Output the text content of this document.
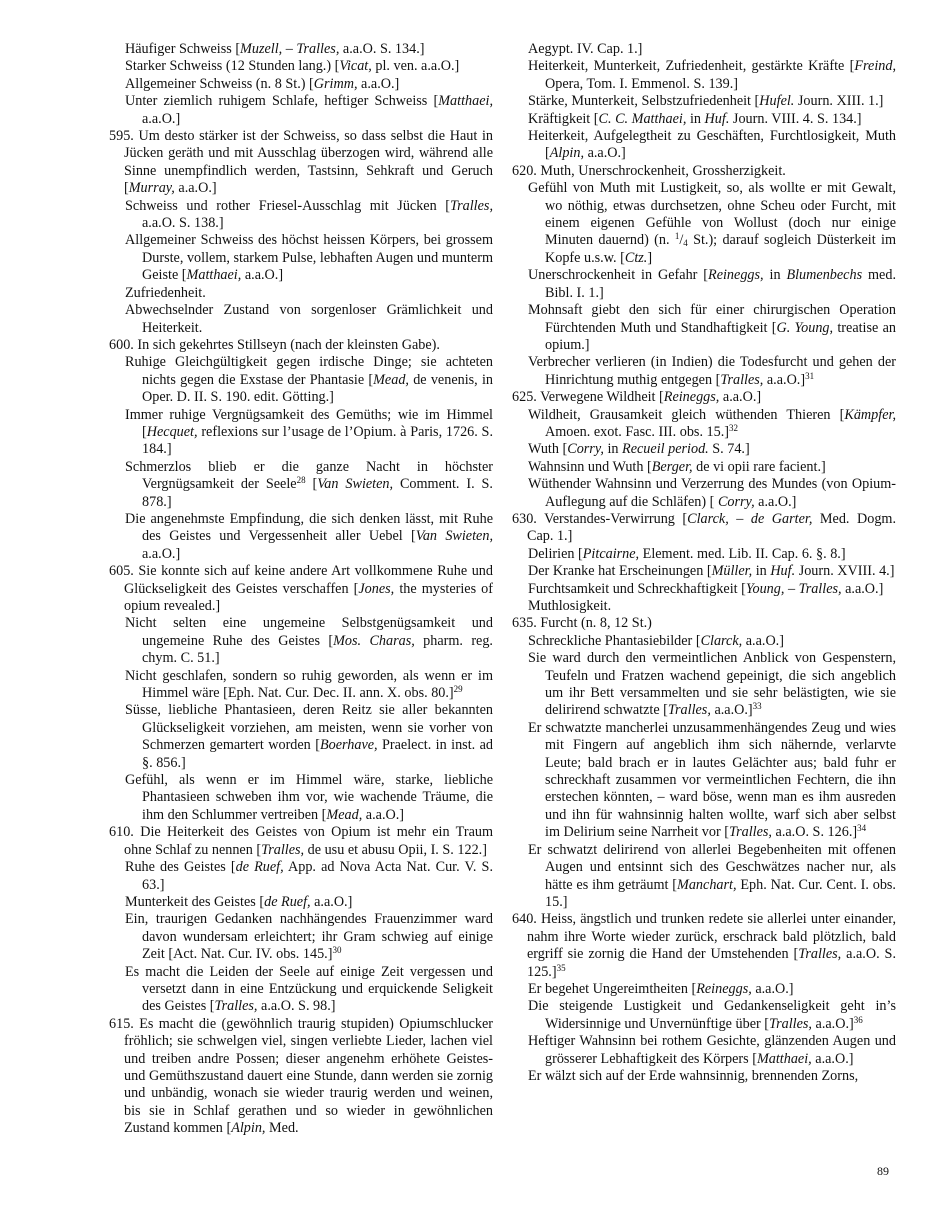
Häufiger Schweiss [Muzell, – Tralles, a.a.O. S. 134.]

Starker Schweiss (12 Stunden lang.) [Vicat, pl. ven. a.a.O.]

Allgemeiner Schweiss (n. 8 St.) [Grimm, a.a.O.]

Unter ziemlich ruhigem Schlafe, heftiger Schweiss [Matthaei, a.a.O.]

595. Um desto stärker ist der Schweiss, so dass selbst die Haut in Jücken geräth und mit Ausschlag überzogen wird, während alle Sinne unempfindlich werden, Tastsinn, Sehkraft und Geruch [Murray, a.a.O.]

Schweiss und rother Friesel-Ausschlag mit Jücken [Tralles, a.a.O. S. 138.]

Allgemeiner Schweiss des höchst heissen Körpers, bei grossem Durste, vollem, starkem Pulse, lebhaften Augen und munterm Geiste [Matthaei, a.a.O.]

Zufriedenheit.

Abwechselnder Zustand von sorgenloser Grämlichkeit und Heiterkeit.

600. In sich gekehrtes Stillseyn (nach der kleinsten Gabe).

Ruhige Gleichgültigkeit gegen irdische Dinge; sie achteten nichts gegen die Exstase der Phantasie [Mead, de venenis, in Oper. D. II. S. 190. edit. Götting.]

Immer ruhige Vergnügsamkeit des Gemüths; wie im Himmel [Hecquet, reflexions sur l’usage de l’Opium. à Paris, 1726. S. 184.]

Schmerzlos blieb er die ganze Nacht in höchster Vergnügsamkeit der Seele$^{28}$ [Van Swieten, Comment. I. S. 878.]

Die angenehmste Empfindung, die sich denken lässt, mit Ruhe des Geistes und Vergessenheit aller Uebel [Van Swieten, a.a.O.]

605. Sie konnte sich auf keine andere Art vollkommene Ruhe und Glückseligkeit des Geistes verschaffen [Jones, the mysteries of opium revealed.]

Nicht selten eine ungemeine Selbstgenügsamkeit und ungemeine Ruhe des Geistes [Mos. Charas, pharm. reg. chym. C. 51.]

Nicht geschlafen, sondern so ruhig geworden, als wenn er im Himmel wäre [Eph. Nat. Cur. Dec. II. ann. X. obs. 80.]$^{29}$

Süsse, liebliche Phantasieen, deren Reitz sie aller bekannten Glückseligkeit vorziehen, am meisten, wenn sie vorher von Schmerzen gemartert worden [Boerhave, Praelect. in inst. ad §. 856.]

Gefühl, als wenn er im Himmel wäre, starke, liebliche Phantasieen schweben ihm vor, wie wachende Träume, die ihm den Schlummer vertreiben [Mead, a.a.O.]

610. Die Heiterkeit des Geistes von Opium ist mehr ein Traum ohne Schlaf zu nennen [Tralles, de usu et abusu Opii, I. S. 122.]

Ruhe des Geistes [de Ruef, App. ad Nova Acta Nat. Cur. V. S. 63.]

Munterkeit des Geistes [de Ruef, a.a.O.]

Ein, traurigen Gedanken nachhängendes Frauenzimmer ward davon wundersam erleichtert; ihr Gram schwieg auf einige Zeit [Act. Nat. Cur. IV. obs. 145.]$^{30}$

Es macht die Leiden der Seele auf einige Zeit vergessen und versetzt dann in eine Entzückung und erquickende Seligkeit des Geistes [Tralles, a.a.O. S. 98.]

615. Es macht die (gewöhnlich traurig stupiden) Opiumschlucker fröhlich; sie schwelgen viel, singen verliebte Lieder, lachen viel und treiben andre Possen; dieser angenehm erhöhete Geistes- und Gemüthszustand dauert eine Stunde, dann werden sie zornig und unbändig, wonach sie wieder traurig werden und weinen, bis sie in Schlaf gerathen und so wieder in gewöhnlichen Zustand kommen [Alpin, Med.

Aegypt. IV. Cap. 1.]

Heiterkeit, Munterkeit, Zufriedenheit, gestärkte Kräfte [Freind, Opera, Tom. I. Emmenol. S. 139.]

Stärke, Munterkeit, Selbstzufriedenheit [Hufel. Journ. XIII. 1.]

Kräftigkeit [C. C. Matthaei, in Huf. Journ. VIII. 4. S. 134.]

Heiterkeit, Aufgelegtheit zu Geschäften, Furchtlosigkeit, Muth [Alpin, a.a.O.]

620. Muth, Unerschrockenheit, Grossherzigkeit.

Gefühl von Muth mit Lustigkeit, so, als wollte er mit Gewalt, wo nöthig, etwas durchsetzen, ohne Scheu oder Furcht, mit einem eigenen Gefühle von Wollust (doch nur einige Minuten dauernd) (n. $^1/_4$ St.); darauf sogleich Düsterkeit im Kopfe u.s.w. [Ctz.]

Unerschrockenheit in Gefahr [Reineggs, in Blumenbechs med. Bibl. I. 1.]

Mohnsaft giebt den sich für einer chirurgischen Operation Fürchtenden Muth und Standhaftigkeit [G. Young, treatise an opium.]

Verbrecher verlieren (in Indien) die Todesfurcht und gehen der Hinrichtung muthig entgegen [Tralles, a.a.O.]$^{31}$

625. Verwegene Wildheit [Reineggs, a.a.O.]

Wildheit, Grausamkeit gleich wüthenden Thieren [Kämpfer, Amoen. exot. Fasc. III. obs. 15.]$^{32}$

Wuth [Corry, in Recueil period. S. 74.]

Wahnsinn und Wuth [Berger, de vi opii rare facient.]

Wüthender Wahnsinn und Verzerrung des Mundes (von Opium-Auflegung auf die Schläfen) [ Corry, a.a.O.]

630. Verstandes-Verwirrung [Clarck, – de Garter, Med. Dogm. Cap. 1.]

Delirien [Pitcairne, Element. med. Lib. II. Cap. 6. §. 8.]

Der Kranke hat Erscheinungen [Müller, in Huf. Journ. XVIII. 4.]

Furchtsamkeit und Schreckhaftigkeit [Young, – Tralles, a.a.O.]

Muthlosigkeit.

635. Furcht (n. 8, 12 St.)

Schreckliche Phantasiebilder [Clarck, a.a.O.]

Sie ward durch den vermeintlichen Anblick von Gespenstern, Teufeln und Fratzen wachend gepeinigt, die sich angeblich um ihr Bett versammelten und sie sehr belästigten, wie sie delirirend schwatzte [Tralles, a.a.O.]$^{33}$

Er schwatzte mancherlei unzusammenhängendes Zeug und wies mit Fingern auf angeblich ihm sich nähernde, verlarvte Leute; bald brach er in lautes Gelächter aus; bald fuhr er schreckhaft zusammen vor vermeintlichen Fechtern, die ihn erstechen könnten, – ward böse, wenn man es ihm ausreden und ihn für wahnsinnig halten wollte, warf sich aber selbst im Delirium seine Narrheit vor [Tralles, a.a.O. S. 126.]$^{34}$

Er schwatzt delirirend von allerlei Begebenheiten mit offenen Augen und entsinnt sich des Geschwätzes nacher nur, als hätte es ihm geträumt [Manchart, Eph. Nat. Cur. Cent. I. obs. 15.]

640. Heiss, ängstlich und trunken redete sie allerlei unter einander, nahm ihre Worte wieder zurück, erschrack bald plötzlich, bald ergriff sie zornig die Hand der Umstehenden [Tralles, a.a.O. S. 125.]$^{35}$

Er begehet Ungereimtheiten [Reineggs, a.a.O.]

Die steigende Lustigkeit und Gedankenseligkeit geht in’s Widersinnige und Unvernünftige über [Tralles, a.a.O.]$^{36}$

Heftiger Wahnsinn bei rothem Gesichte, glänzenden Augen und grösserer Lebhaftigkeit des Körpers [Matthaei, a.a.O.]

Er wälzt sich auf der Erde wahnsinnig, brennenden Zorns,

89
